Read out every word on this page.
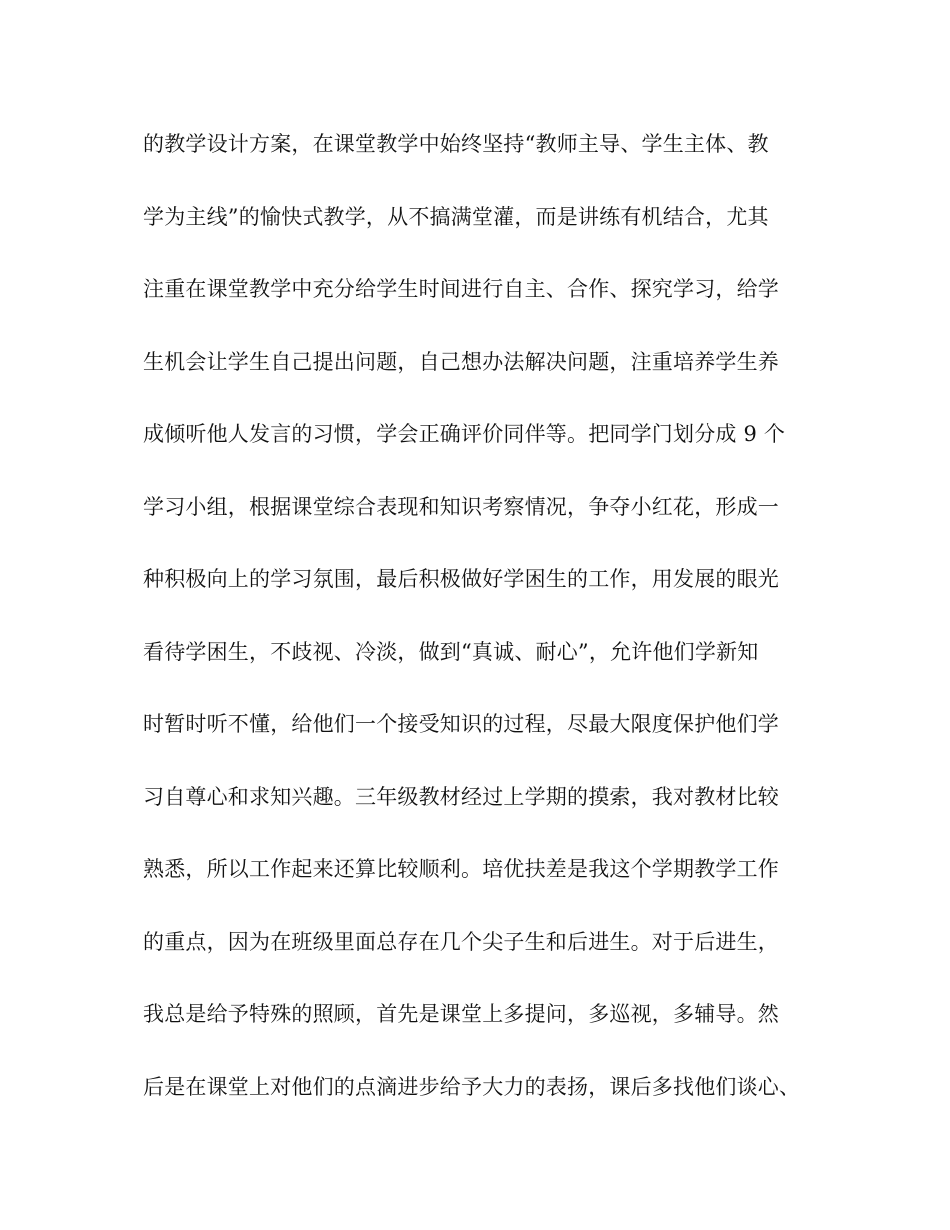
的教学设计方案，在课堂教学中始终坚持“教师主导、学生主体、教
学为主线”的愉快式教学，从不搞满堂灌，而是讲练有机结合，尤其
注重在课堂教学中充分给学生时间进行自主、合作、探究学习，给学
生机会让学生自己提出问题，自己想办法解决问题，注重培养学生养
成倾听他人发言的习惯，学会正确评价同伴等。把同学门划分成 9 个
学习小组，根据课堂综合表现和知识考察情况，争夺小红花，形成一
种积极向上的学习氛围，最后积极做好学困生的工作，用发展的眼光
看待学困生，不歧视、冷淡，做到“真诚、耐心”，允许他们学新知
时暂时听不懂，给他们一个接受知识的过程，尽最大限度保护他们学
习自尊心和求知兴趣。三年级教材经过上学期的摸索，我对教材比较
熟悉，所以工作起来还算比较顺利。培优扶差是我这个学期教学工作
的重点，因为在班级里面总存在几个尖子生和后进生。对于后进生，
我总是给予特殊的照顾，首先是课堂上多提问，多巡视，多辅导。然
后是在课堂上对他们的点滴进步给予大力的表扬，课后多找他们谈心、
